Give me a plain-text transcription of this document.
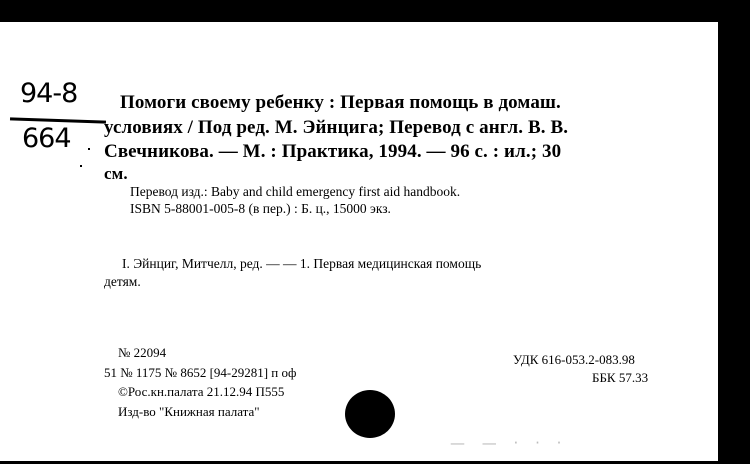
94-8
664
Помоги своему ребенку : Первая помощь в домаш.
условиях / Под ред. М. Эйнцига; Перевод с англ. В. В.
Свечникова. — М. : Практика, 1994. — 96 с. : ил.; 30
см.
Перевод изд.: Baby and child emergency first aid handbook.
ISBN 5-88001-005-8 (в пер.) : Б. ц., 15000 экз.
I. Эйнциг, Митчелл, ред. — — 1. Первая медицинская помощь
детям.
№ 22094
51 № 1175 № 8652 [94-29281] п оф
©Рос.кн.палата 21.12.94 П555
Изд-во "Книжная палата"
УДК 616-053.2-083.98
ББК 57.33
— — · · ·
